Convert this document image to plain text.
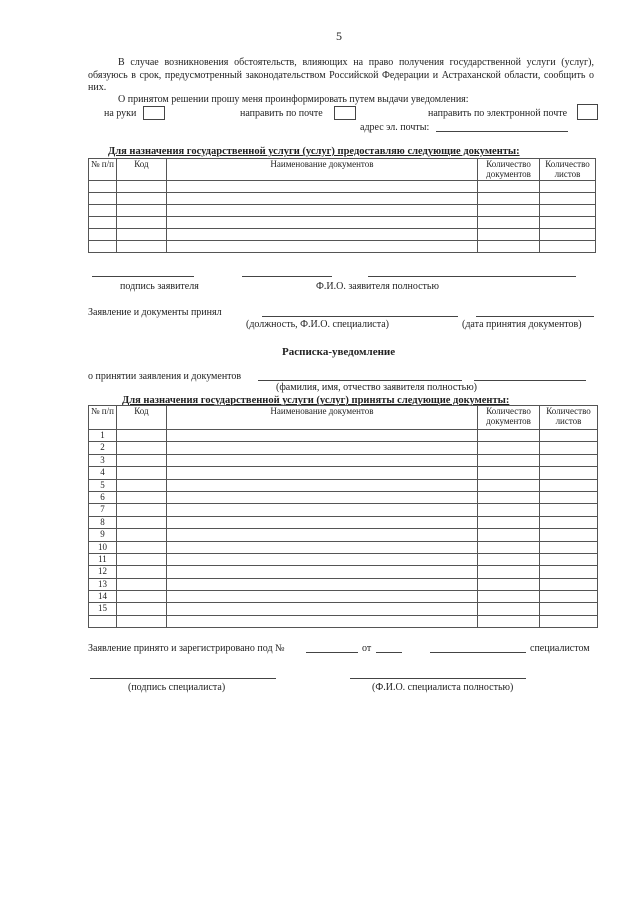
5
В случае возникновения обстоятельств, влияющих на право получения государственной услуги (услуг), обязуюсь в срок, предусмотренный законодательством Российской Федерации и Астраханской области, сообщить о них.
О принятом решении прошу меня проинформировать путем выдачи уведомления:
на руки	направить по почте	направить по электронной почте
адрес эл. почты:
Для назначения государственной услуги (услуг) предоставляю следующие документы:
№ п/п	Код	Наименование документов	Количество документов	Количество листов

подпись заявителя	Ф.И.О. заявителя полностью
Заявление и документы принял
(должность, Ф.И.О. специалиста)	(дата принятия документов)
Расписка-уведомление
о принятии заявления и документов
(фамилия, имя, отчество заявителя полностью)
Для назначения государственной услуги (услуг) приняты следующие документы:
№ п/п	Код	Наименование документов	Количество документов	Количество листов
1				
2				
3				
4				
5				
6				
7				
8				
9				
10				
11				
12				
13				
14				
15				

Заявление принято и зарегистрировано под №	от	специалистом
(подпись специалиста)	(Ф.И.О. специалиста полностью)
